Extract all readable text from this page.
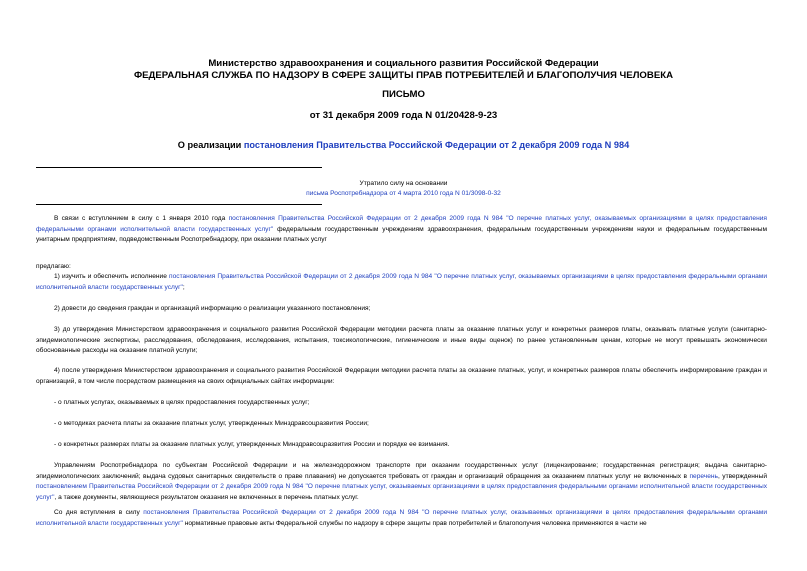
Министерство здравоохранения и социального развития Российской Федерации
ФЕДЕРАЛЬНАЯ СЛУЖБА ПО НАДЗОРУ В СФЕРЕ ЗАЩИТЫ ПРАВ ПОТРЕБИТЕЛЕЙ И БЛАГОПОЛУЧИЯ ЧЕЛОВЕКА
ПИСЬМО
от 31 декабря 2009 года N 01/20428-9-23
О реализации постановления Правительства Российской Федерации от 2 декабря 2009 года N 984
Утратило силу на основании
письма Роспотребнадзора от 4 марта 2010 года N 01/3098-0-32

В связи с вступлением в силу с 1 января 2010 года постановления Правительства Российской Федерации от 2 декабря 2009 года N 984 "О перечне платных услуг, оказываемых организациями в целях предоставления федеральными органами исполнительной власти государственных услуг" федеральным государственным учреждениям здравоохранения, федеральным государственным учреждениям науки и федеральным государственным унитарным предприятиям, подведомственным Роспотребнадзору, при оказании платных услуг

предлагаю:

1) изучить и обеспечить исполнение постановления Правительства Российской Федерации от 2 декабря 2009 года N 984 "О перечне платных услуг, оказываемых организациями в целях предоставления федеральными органами исполнительной власти государственных услуг";

2) довести до сведения граждан и организаций информацию о реализации указанного постановления;

3) до утверждения Министерством здравоохранения и социального развития Российской Федерации методики расчета платы за оказание платных услуг и конкретных размеров платы, оказывать платные услуги (санитарно-эпидемиологические экспертизы, расследования, обследования, исследования, испытания, токсикологические, гигиенические и иные виды оценок) по ранее установленным ценам, которые не могут превышать экономически обоснованные расходы на оказание платной услуги;

4) после утверждения Министерством здравоохранения и социального развития Российской Федерации методики расчета платы за оказание платных, услуг, и конкретных размеров платы обеспечить информирование граждан и организаций, в том числе посредством размещения на своих официальных сайтах информации:

- о платных услугах, оказываемых в целях предоставления государственных услуг;

- о методиках расчета платы за оказание платных услуг, утвержденных Минздравсоцразвития России;

- о конкретных размерах платы за оказание платных услуг, утвержденных Минздравсоцразвития России и порядке ее взимания.

Управлениям Роспотребнадзора по субъектам Российской Федерации и на железнодорожном транспорте при оказании государственных услуг (лицензирование; государственная регистрация; выдача санитарно-эпидемиологических заключений; выдача судовых санитарных свидетельств о праве плавания) не допускается требовать от граждан и организаций обращения за оказанием платных услуг не включенных в перечень, утвержденный постановлением Правительства Российской Федерации от 2 декабря 2009 года N 984 "О перечне платных услуг, оказываемых организациями в целях предоставления федеральными органами исполнительной власти государственных услуг", а также документы, являющиеся результатом оказания не включенных в перечень платных услуг.

Со дня вступления в силу постановления Правительства Российской Федерации от 2 декабря 2009 года N 984 "О перечне платных услуг, оказываемых организациями в целях предоставления федеральными органами исполнительной власти государственных услуг" нормативные правовые акты Федеральной службы по надзору в сфере защиты прав потребителей и благополучия человека применяются в части не
